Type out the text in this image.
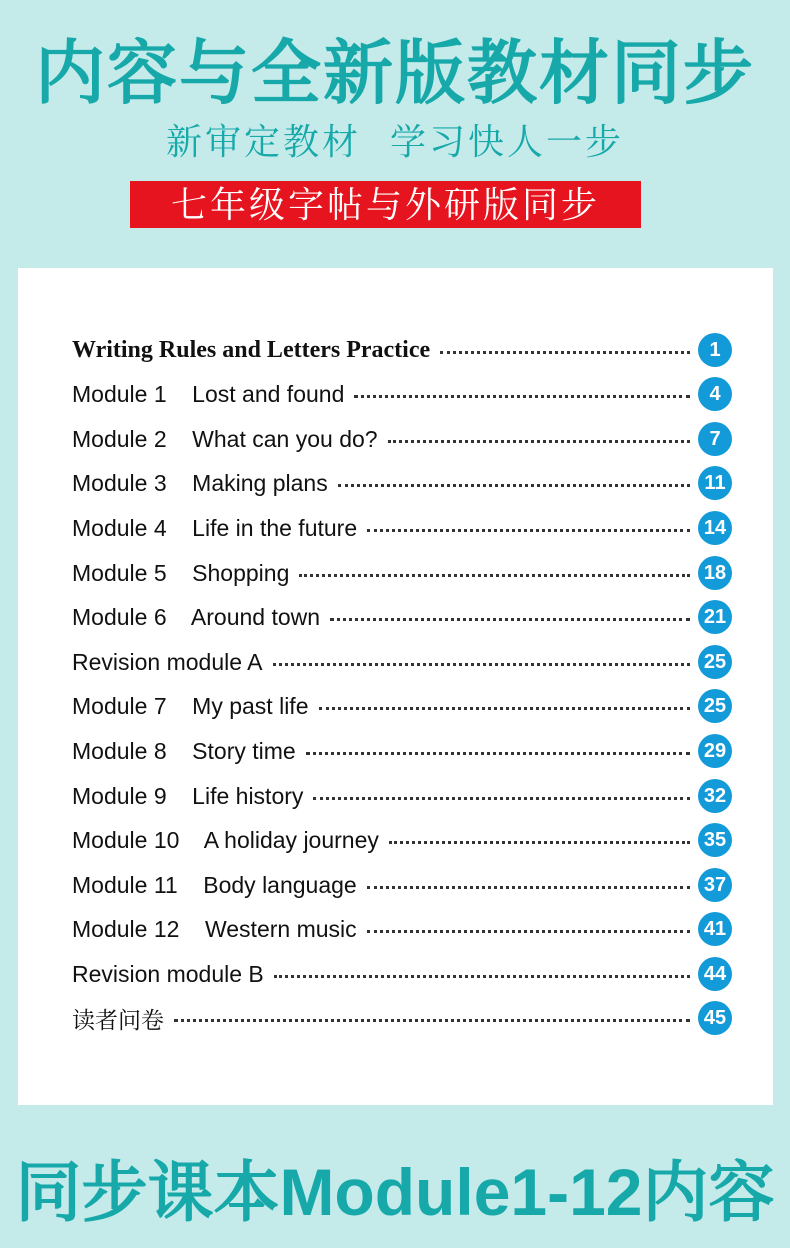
内容与全新版教材同步
新审定教材 学习快人一步
七年级字帖与外研版同步
Writing Rules and Letters Practice	1
Module 1    Lost and found	4
Module 2    What can you do?	7
Module 3    Making plans	11
Module 4    Life in the future	14
Module 5    Shopping	18
Module 6    Around town	21
Revision module A	25
Module 7    My past life	25
Module 8    Story time	29
Module 9    Life history	32
Module 10    A holiday journey	35
Module 11    Body language	37
Module 12    Western music	41
Revision module B	44
读者问卷	45
同步课本Module1-12内容
